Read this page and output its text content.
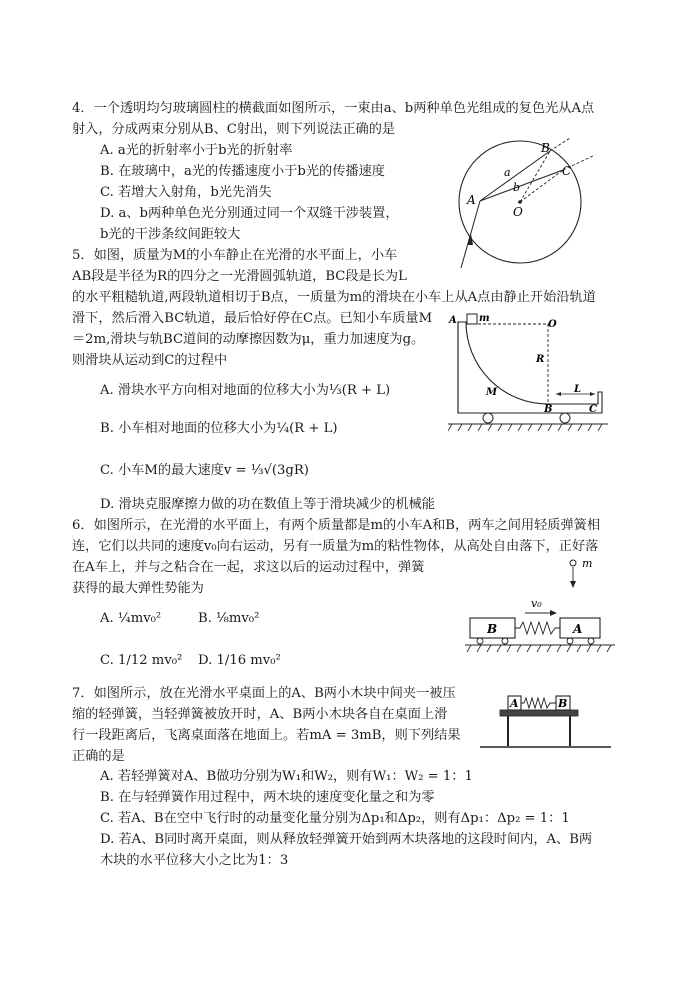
4．一个透明均匀玻璃圆柱的横截面如图所示，一束由a、b两种单色光组成的复色光从A点
射入，分成两束分别从B、C射出，则下列说法正确的是
A. a光的折射率小于b光的折射率
B. 在玻璃中，a光的传播速度小于b光的传播速度
C. 若增大入射角，b光先消失
D. a、b两种单色光分别通过同一个双缝干涉装置，
b光的干涉条纹间距较大
A
B
C
O
a
b
5．如图，质量为M的小车静止在光滑的水平面上，小车
AB段是半径为R的四分之一光滑圆弧轨道，BC段是长为L
的水平粗糙轨道,两段轨道相切于B点，一质量为m的滑块在小车上从A点由静止开始沿轨道
滑下，然后滑入BC轨道，最后恰好停在C点。已知小车质量M
＝2m,滑块与轨BC道间的动摩擦因数为μ，重力加速度为g。
则滑块从运动到C的过程中
A. 滑块水平方向相对地面的位移大小为⅓(R + L)
B. 小车相对地面的位移大小为¼(R + L)
C. 小车M的最大速度v = ⅓√(3gR)
D. 滑块克服摩擦力做的功在数值上等于滑块减少的机械能
A m
O
R
M
B
L
C
6．如图所示，在光滑的水平面上，有两个质量都是m的小车A和B，两车之间用轻质弹簧相
连，它们以共同的速度v₀向右运动，另有一质量为m的粘性物体，从高处自由落下，正好落
在A车上，并与之粘合在一起，求这以后的运动过程中，弹簧
获得的最大弹性势能为
A. ¼mv₀²	B. ⅛mv₀²
C. 1/12 mv₀² D. 1/16 mv₀²
m
v₀
B	A
7．如图所示，放在光滑水平桌面上的A、B两小木块中间夹一被压
缩的轻弹簧，当轻弹簧被放开时，A、B两小木块各自在桌面上滑
行一段距离后，飞离桌面落在地面上。若mA = 3mB，则下列结果
正确的是
A. 若轻弹簧对A、B做功分别为W₁和W₂，则有W₁：W₂ = 1：1
B. 在与轻弹簧作用过程中，两木块的速度变化量之和为零
C. 若A、B在空中飞行时的动量变化量分别为Δp₁和Δp₂，则有Δp₁：Δp₂ = 1：1
D. 若A、B同时离开桌面，则从释放轻弹簧开始到两木块落地的这段时间内，A、B两
木块的水平位移大小之比为1：3
A	B
